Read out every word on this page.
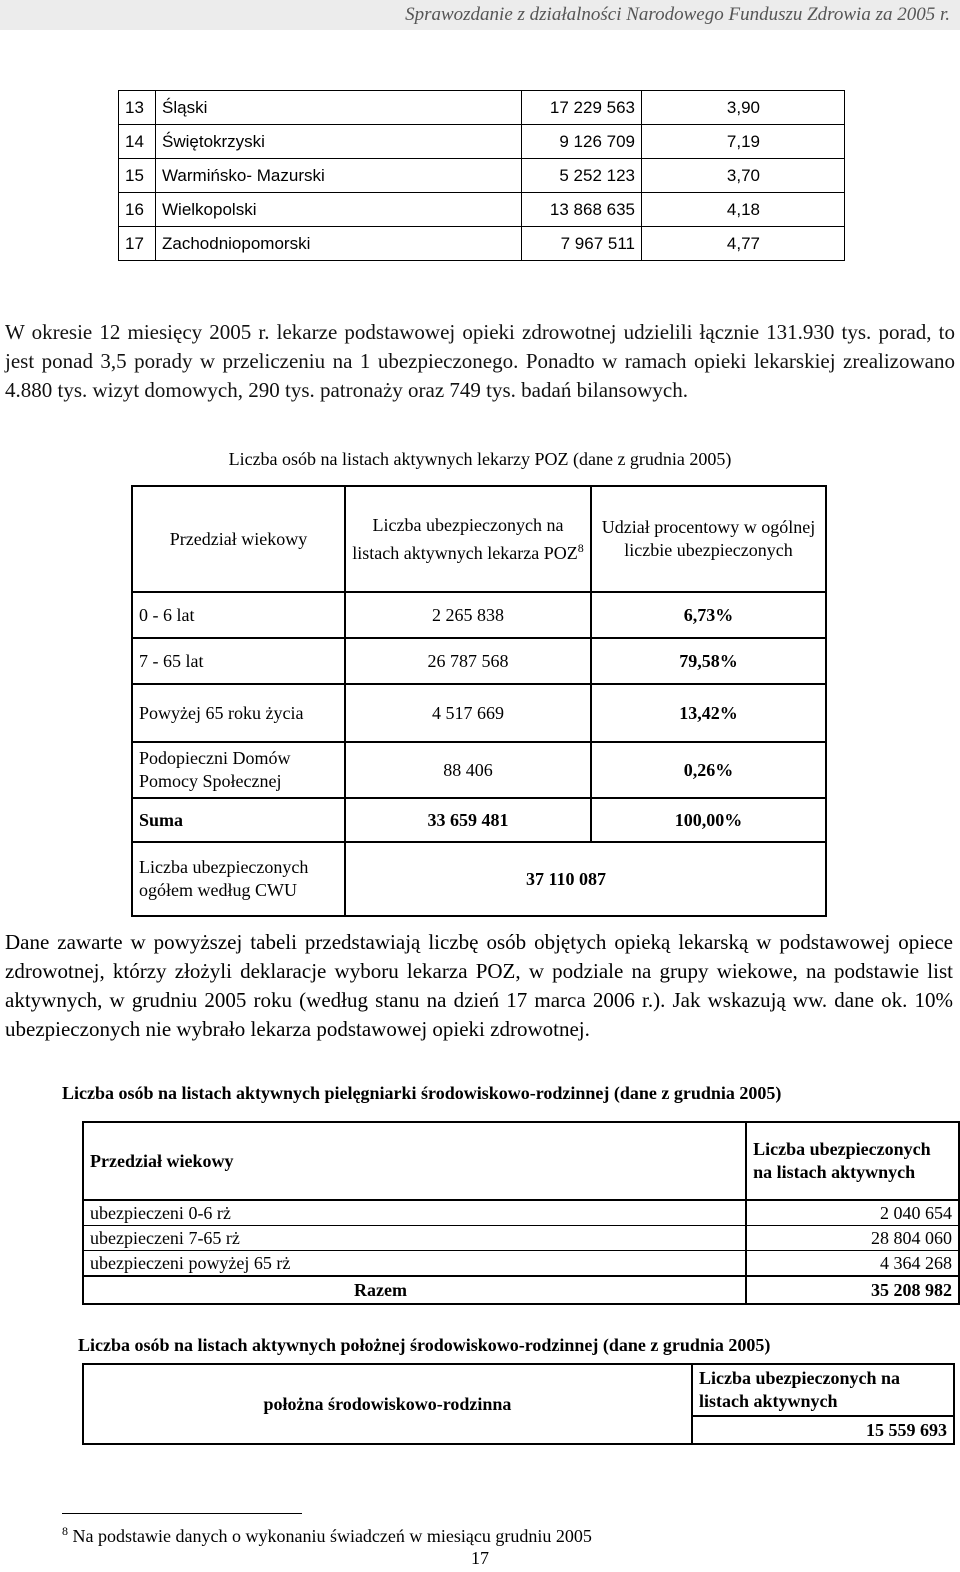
Sprawozdanie z działalności Narodowego Funduszu Zdrowia za 2005 r.
13	Śląski	17 229 563	3,90
14	Świętokrzyski	9 126 709	7,19
15	Warmińsko- Mazurski	5 252 123	3,70
16	Wielkopolski	13 868 635	4,18
17	Zachodniopomorski	7 967 511	4,77
W okresie 12 miesięcy 2005 r. lekarze podstawowej opieki zdrowotnej udzielili łącznie 131.930 tys. porad, to jest ponad 3,5 porady w przeliczeniu na 1 ubezpieczonego. Ponadto w ramach opieki lekarskiej zrealizowano 4.880 tys. wizyt domowych, 290 tys. patronaży oraz 749 tys. badań bilansowych.
Liczba osób na listach aktywnych lekarzy POZ (dane z grudnia 2005)
Przedział wiekowy	Liczba ubezpieczonych na listach aktywnych lekarza POZ$^8$	Udział procentowy w ogólnej liczbie ubezpieczonych
0 - 6 lat	2 265 838	6,73%
7 - 65 lat	26 787 568	79,58%
Powyżej 65 roku życia	4 517 669	13,42%
Podopieczni Domów Pomocy Społecznej	88 406	0,26%
Suma	33 659 481	100,00%
Liczba ubezpieczonych ogółem według CWU	37 110 087	
Dane zawarte w powyższej tabeli przedstawiają liczbę osób objętych opieką lekarską w podstawowej opiece zdrowotnej, którzy złożyli deklaracje wyboru lekarza POZ, w podziale na grupy wiekowe, na podstawie list aktywnych, w grudniu 2005 roku (według stanu na dzień 17 marca 2006 r.). Jak wskazują ww. dane ok. 10% ubezpieczonych nie wybrało lekarza podstawowej opieki zdrowotnej.
Liczba osób na listach aktywnych pielęgniarki środowiskowo-rodzinnej (dane z grudnia 2005)
Przedział wiekowy	Liczba ubezpieczonych na listach aktywnych
ubezpieczeni 0-6 rż	2 040 654
ubezpieczeni 7-65 rż	28 804 060
ubezpieczeni powyżej 65 rż	4 364 268
Razem	35 208 982
Liczba osób na listach aktywnych położnej środowiskowo-rodzinnej (dane z grudnia 2005)
położna środowiskowo-rodzinna	Liczba ubezpieczonych na listach aktywnych
15 559 693
$^8$ Na podstawie danych o wykonaniu świadczeń w miesiącu grudniu 2005
17
